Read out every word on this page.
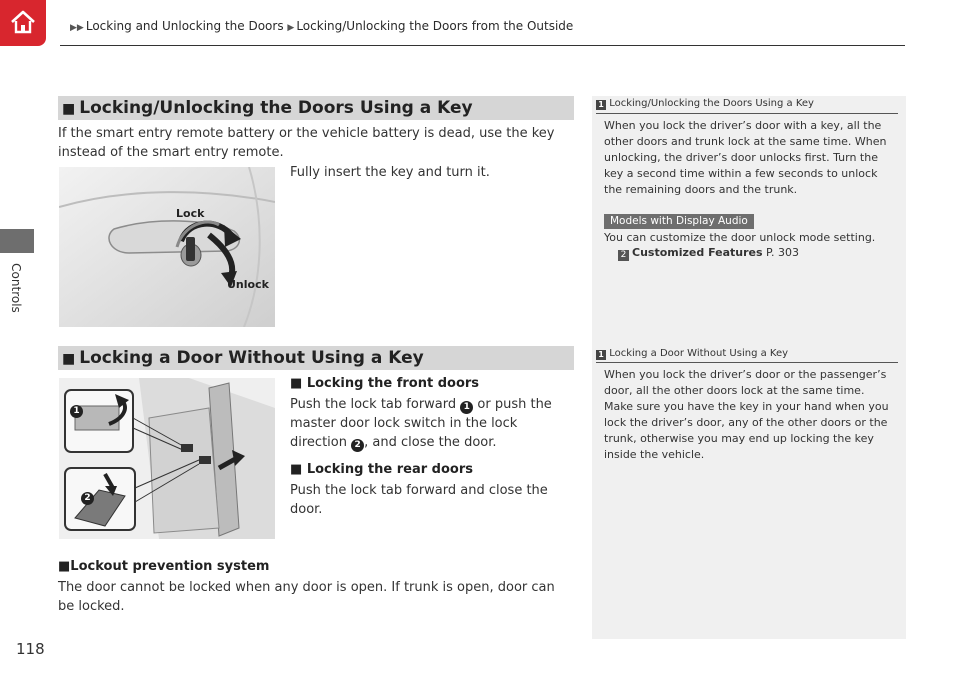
▶▶ Locking and Unlocking the Doors ▶ Locking/Unlocking the Doors from the Outside
Controls
■ Locking/Unlocking the Doors Using a Key
If the smart entry remote battery or the vehicle battery is dead, use the key instead of the smart entry remote.
Fully insert the key and turn it.
Lock
Unlock
■ Locking a Door Without Using a Key
1
2
■ Locking the front doors
Push the lock tab forward 1 or push the master door lock switch in the lock direction 2 , and close the door.
■ Locking the rear doors
Push the lock tab forward and close the door.
■Lockout prevention system
The door cannot be locked when any door is open. If trunk is open, door can be locked.
1 Locking/Unlocking the Doors Using a Key
When you lock the driver’s door with a key, all the other doors and trunk lock at the same time. When unlocking, the driver’s door unlocks first. Turn the key a second time within a few seconds to unlock the remaining doors and the trunk.
Models with Display Audio
You can customize the door unlock mode setting.
2 Customized Features P. 303
1 Locking a Door Without Using a Key
When you lock the driver’s door or the passenger’s door, all the other doors lock at the same time. Make sure you have the key in your hand when you lock the driver’s door, any of the other doors or the trunk, otherwise you may end up locking the key inside the vehicle.
118
